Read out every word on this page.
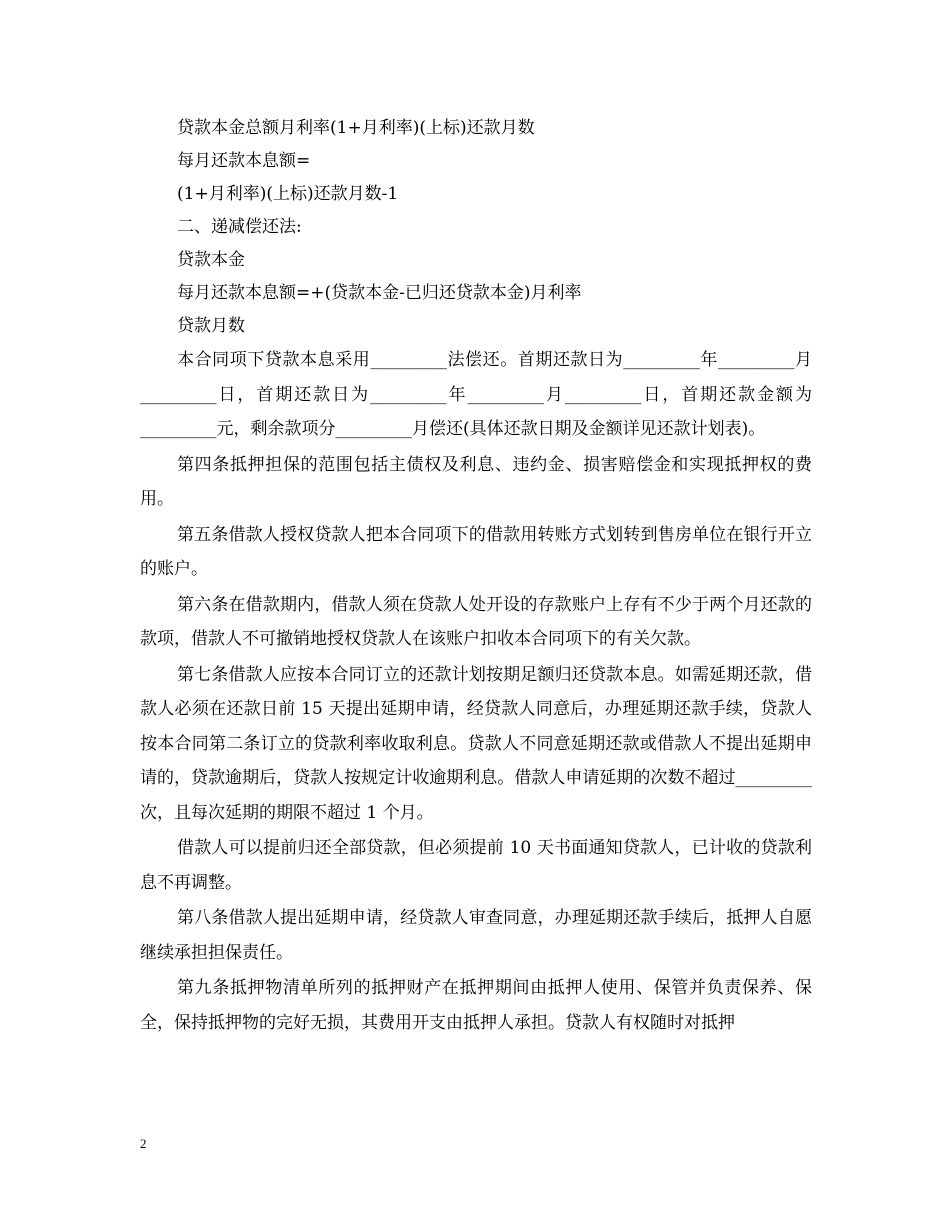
贷款本金总额月利率(1+月利率)(上标)还款月数
每月还款本息额=
(1+月利率)(上标)还款月数-1
二、递减偿还法:
贷款本金
每月还款本息额=+(贷款本金-已归还贷款本金)月利率
贷款月数

本合同项下贷款本息采用_________法偿还。首期还款日为_________年_________月_________日，首期还款日为_________年_________月_________日，首期还款金额为_________元，剩余款项分_________月偿还(具体还款日期及金额详见还款计划表)。

第四条抵押担保的范围包括主债权及利息、违约金、损害赔偿金和实现抵押权的费用。

第五条借款人授权贷款人把本合同项下的借款用转账方式划转到售房单位在银行开立的账户。

第六条在借款期内，借款人须在贷款人处开设的存款账户上存有不少于两个月还款的款项，借款人不可撤销地授权贷款人在该账户扣收本合同项下的有关欠款。

第七条借款人应按本合同订立的还款计划按期足额归还贷款本息。如需延期还款，借款人必须在还款日前 15 天提出延期申请，经贷款人同意后，办理延期还款手续，贷款人按本合同第二条订立的贷款利率收取利息。贷款人不同意延期还款或借款人不提出延期申请的，贷款逾期后，贷款人按规定计收逾期利息。借款人申请延期的次数不超过_________次，且每次延期的期限不超过 1 个月。

借款人可以提前归还全部贷款，但必须提前 10 天书面通知贷款人，已计收的贷款利息不再调整。

第八条借款人提出延期申请，经贷款人审查同意，办理延期还款手续后，抵押人自愿继续承担担保责任。

第九条抵押物清单所列的抵押财产在抵押期间由抵押人使用、保管并负责保养、保全，保持抵押物的完好无损，其费用开支由抵押人承担。贷款人有权随时对抵押

2
